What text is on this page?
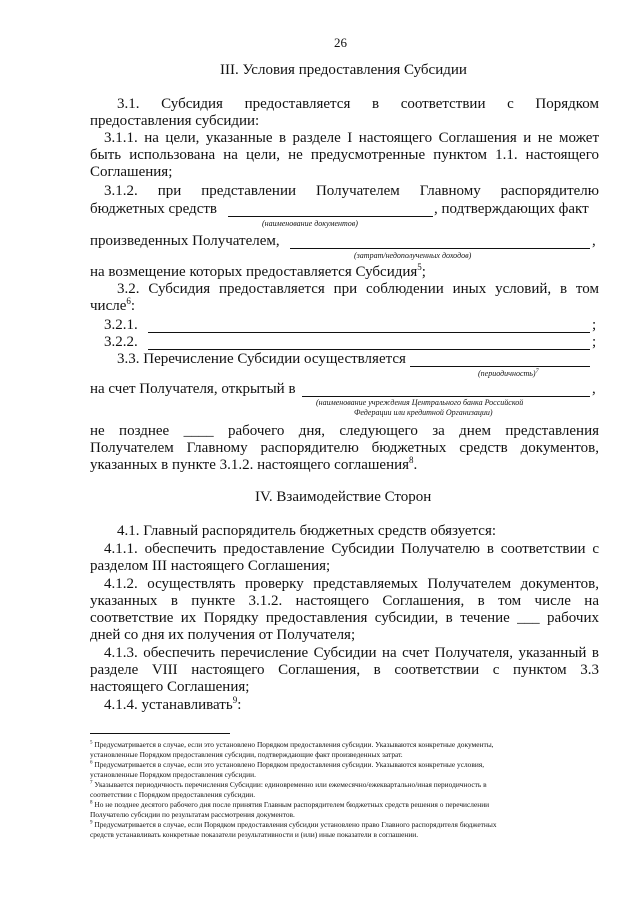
26
III. Условия предоставления Субсидии
3.1. Субсидия предоставляется в соответствии с Порядком
предоставления субсидии:
3.1.1. на цели, указанные в разделе I настоящего Соглашения и не может
быть использована на цели, не предусмотренные пунктом 1.1. настоящего
Соглашения;
3.1.2. при представлении Получателем Главному распорядителю
бюджетных средств	, подтверждающих факт
(наименование документов)
произведенных Получателем,	,
(затрат/недополученных доходов)
на возмещение которых предоставляется Субсидия$^5$;
3.2. Субсидия предоставляется при соблюдении иных условий, в том
числе$^6$:
3.2.1.	;
3.2.2.	;
3.3. Перечисление Субсидии осуществляется
(периодичность)$^7$
на счет Получателя, открытый в	,
(наименование учреждения Центрального банка Российской
Федерации или кредитной Организации)
не позднее ____ рабочего дня, следующего за днем представления
Получателем Главному распорядителю бюджетных средств документов,
указанных в пункте 3.1.2. настоящего соглашения$^8$.
IV. Взаимодействие Сторон
4.1. Главный распорядитель бюджетных средств обязуется:
4.1.1. обеспечить предоставление Субсидии Получателю в соответствии с
разделом III настоящего Соглашения;
4.1.2. осуществлять проверку представляемых Получателем документов,
указанных в пункте 3.1.2. настоящего Соглашения, в том числе на
соответствие их Порядку предоставления субсидии, в течение ___ рабочих
дней со дня их получения от Получателя;
4.1.3. обеспечить перечисление Субсидии на счет Получателя, указанный в
разделе VIII настоящего Соглашения, в соответствии с пунктом 3.3
настоящего Соглашения;
4.1.4. устанавливать$^9$:
$^5$ Предусматривается в случае, если это установлено Порядком предоставления субсидии. Указываются конкретные документы,
установленные Порядком предоставления субсидии, подтверждающие факт произведенных затрат.
$^6$ Предусматривается в случае, если это установлено Порядком предоставления субсидии. Указываются конкретные условия,
установленные Порядком предоставления субсидии.
$^7$ Указывается периодичность перечисления Субсидии: единовременно или ежемесячно/ежеквартально/иная периодичность в
соответствии с Порядком предоставления субсидии.
$^8$ Но не позднее десятого рабочего дня после принятия Главным распорядителем бюджетных средств решения о перечислении
Получателю субсидии по результатам рассмотрения документов.
$^9$ Предусматривается в случае, если Порядком предоставления субсидии установлено право Главного распорядителя бюджетных
средств устанавливать конкретные показатели результативности и (или) иные показатели в соглашении.
